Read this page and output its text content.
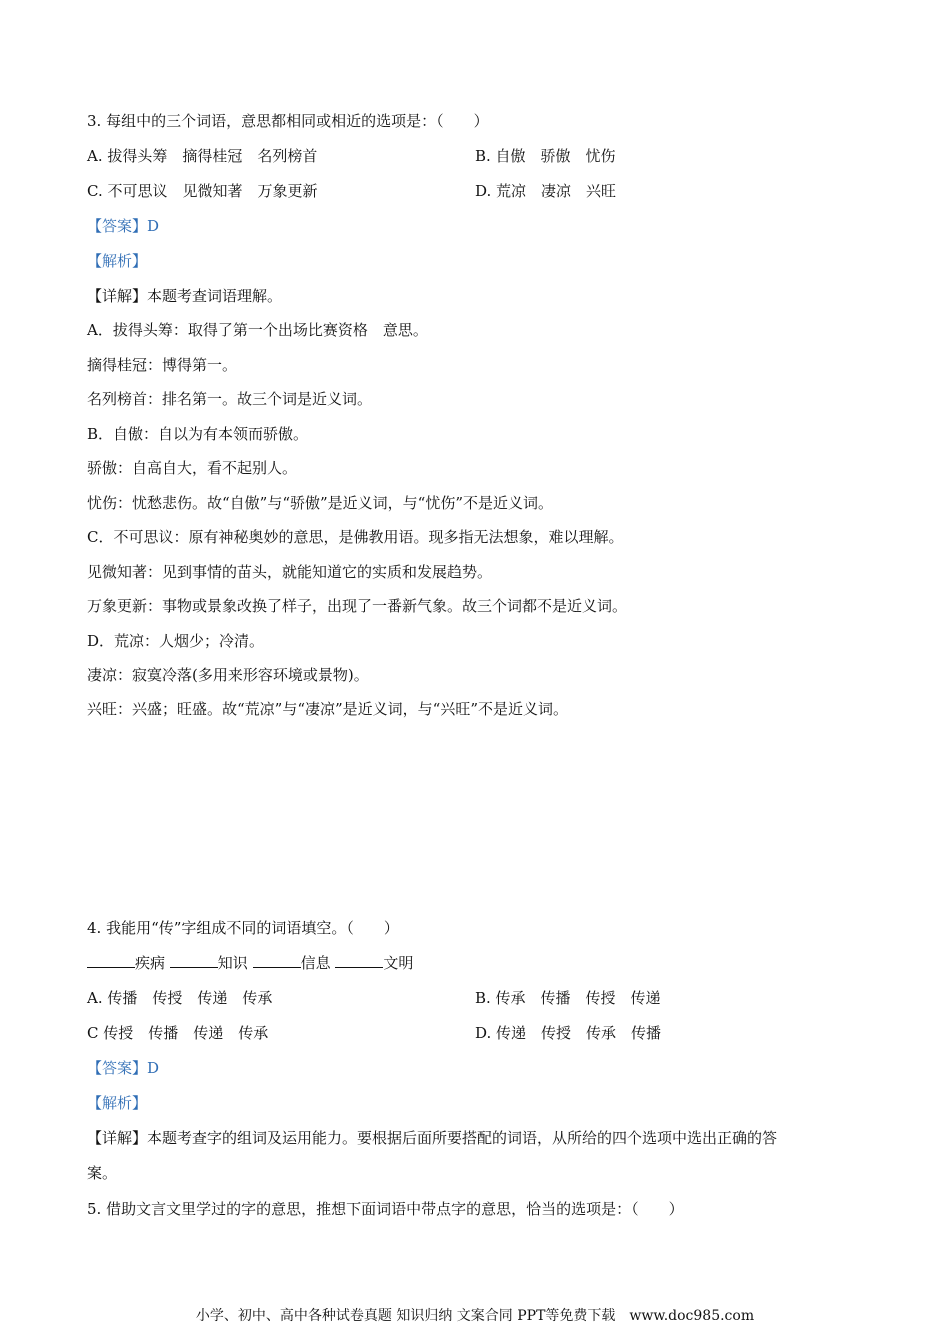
3. 每组中的三个词语，意思都相同或相近的选项是：（　　）
A. 拔得头筹　摘得桂冠　名列榜首	B. 自傲　骄傲　忧伤
C. 不可思议　见微知著　万象更新	D. 荒凉　凄凉　兴旺
【答案】D
【解析】
【详解】本题考查词语理解。
A．拔得头筹：取得了第一个出场比赛资格　意思。
摘得桂冠：博得第一。
名列榜首：排名第一。故三个词是近义词。
B．自傲：自以为有本领而骄傲。
骄傲：自高自大，看不起别人。
忧伤：忧愁悲伤。故“自傲”与“骄傲”是近义词，与“忧伤”不是近义词。
C．不可思议：原有神秘奥妙的意思，是佛教用语。现多指无法想象，难以理解。
见微知著：见到事情的苗头，就能知道它的实质和发展趋势。
万象更新：事物或景象改换了样子，出现了一番新气象。故三个词都不是近义词。
D．荒凉：人烟少；冷清。
凄凉：寂寞冷落(多用来形容环境或景物)。
兴旺：兴盛；旺盛。故“荒凉”与“凄凉”是近义词，与“兴旺”不是近义词。
4. 我能用“传”字组成不同的词语填空。（　　）
疾病	知识	信息	文明
A. 传播　传授　传递　传承	B. 传承　传播　传授　传递
C 传授　传播　传递　传承	D. 传递　传授　传承　传播
【答案】D
【解析】
【详解】本题考查字的组词及运用能力。要根据后面所要搭配的词语，从所给的四个选项中选出正确的答
案。
5. 借助文言文里学过的字的意思，推想下面词语中带点字的意思，恰当的选项是：（　　）
小学、初中、高中各种试卷真题 知识归纳 文案合同 PPT等免费下载　www.doc985.com
